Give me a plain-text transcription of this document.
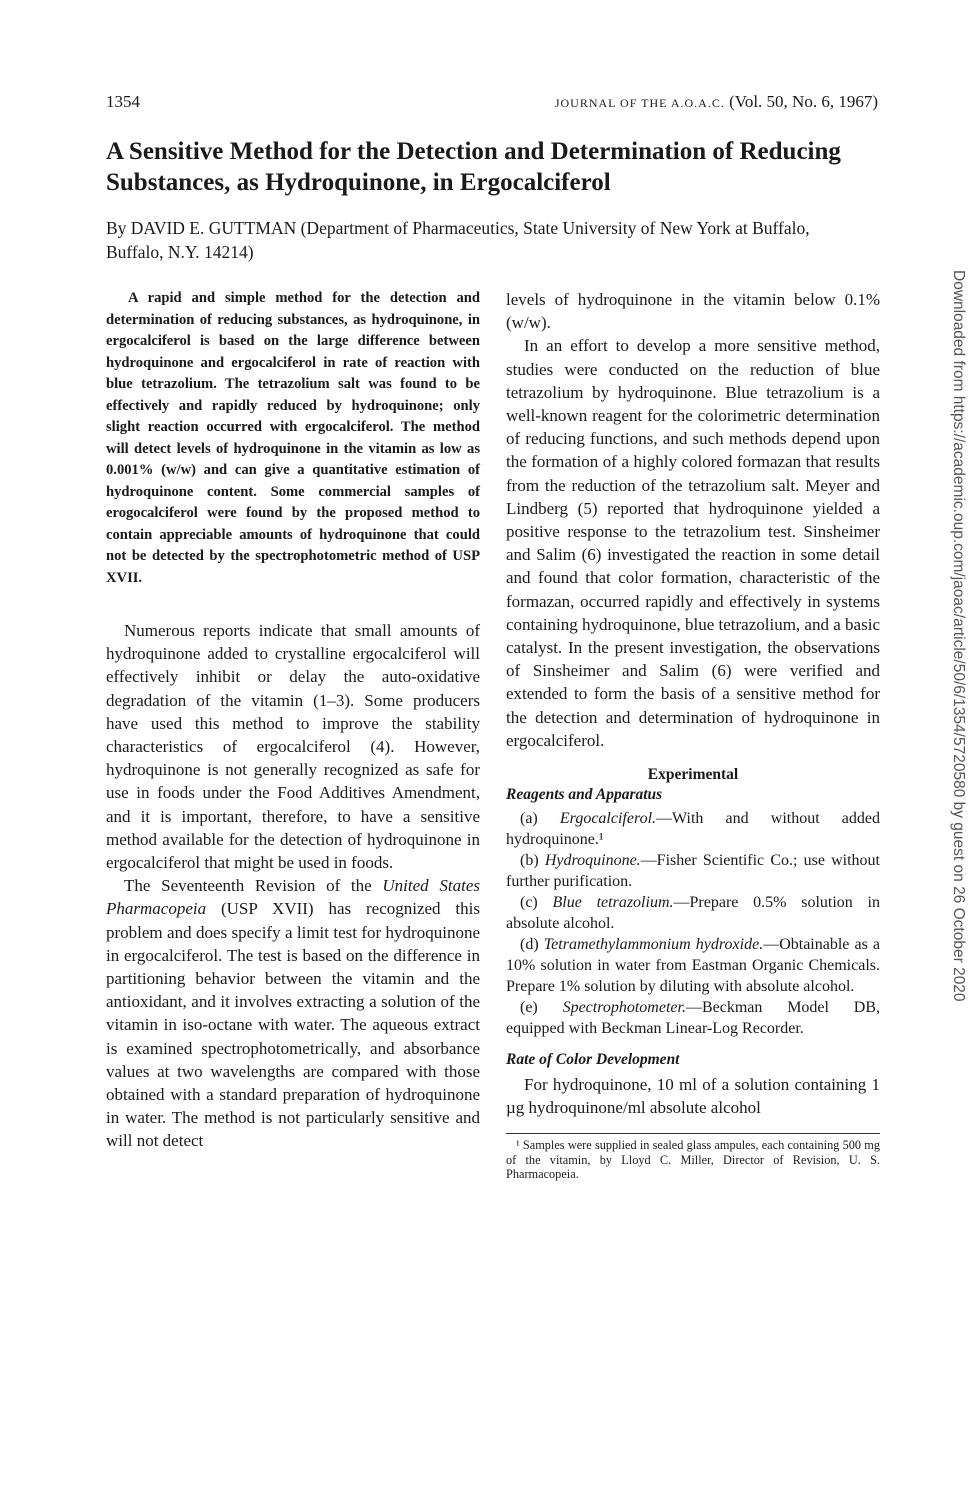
1354	JOURNAL OF THE A.O.A.C. (Vol. 50, No. 6, 1967)
A Sensitive Method for the Detection and Determination of Reducing Substances, as Hydroquinone, in Ergocalciferol
By DAVID E. GUTTMAN (Department of Pharmaceutics, State University of New York at Buffalo, Buffalo, N.Y. 14214)

A rapid and simple method for the detection and determination of reducing substances, as hydroquinone, in ergocalciferol is based on the large difference between hydroquinone and ergocalciferol in rate of reaction with blue tetrazolium. The tetrazolium salt was found to be effectively and rapidly reduced by hydroquinone; only slight reaction occurred with ergocalciferol. The method will detect levels of hydroquinone in the vitamin as low as 0.001% (w/w) and can give a quantitative estimation of hydroquinone content. Some commercial samples of erogocalciferol were found by the proposed method to contain appreciable amounts of hydroquinone that could not be detected by the spectrophotometric method of USP XVII.

Numerous reports indicate that small amounts of hydroquinone added to crystalline ergocalciferol will effectively inhibit or delay the auto-oxidative degradation of the vitamin (1–3). Some producers have used this method to improve the stability characteristics of ergocalciferol (4). However, hydroquinone is not generally recognized as safe for use in foods under the Food Additives Amendment, and it is important, therefore, to have a sensitive method available for the detection of hydroquinone in ergocalciferol that might be used in foods.

The Seventeenth Revision of the United States Pharmacopeia (USP XVII) has recognized this problem and does specify a limit test for hydroquinone in ergocalciferol. The test is based on the difference in partitioning behavior between the vitamin and the antioxidant, and it involves extracting a solution of the vitamin in iso-octane with water. The aqueous extract is examined spectrophotometrically, and absorbance values at two wavelengths are compared with those obtained with a standard preparation of hydroquinone in water. The method is not particularly sensitive and will not detect

levels of hydroquinone in the vitamin below 0.1% (w/w).

In an effort to develop a more sensitive method, studies were conducted on the reduction of blue tetrazolium by hydroquinone. Blue tetrazolium is a well-known reagent for the colorimetric determination of reducing functions, and such methods depend upon the formation of a highly colored formazan that results from the reduction of the tetrazolium salt. Meyer and Lindberg (5) reported that hydroquinone yielded a positive response to the tetrazolium test. Sinsheimer and Salim (6) investigated the reaction in some detail and found that color formation, characteristic of the formazan, occurred rapidly and effectively in systems containing hydroquinone, blue tetrazolium, and a basic catalyst. In the present investigation, the observations of Sinsheimer and Salim (6) were verified and extended to form the basis of a sensitive method for the detection and determination of hydroquinone in ergocalciferol.

Experimental
Reagents and Apparatus

(a) Ergocalciferol.—With and without added hydroquinone.¹

(b) Hydroquinone.—Fisher Scientific Co.; use without further purification.

(c) Blue tetrazolium.—Prepare 0.5% solution in absolute alcohol.

(d) Tetramethylammonium hydroxide.—Obtainable as a 10% solution in water from Eastman Organic Chemicals. Prepare 1% solution by diluting with absolute alcohol.

(e) Spectrophotometer.—Beckman Model DB, equipped with Beckman Linear-Log Recorder.

Rate of Color Development

For hydroquinone, 10 ml of a solution containing 1 µg hydroquinone/ml absolute alcohol

¹ Samples were supplied in sealed glass ampules, each containing 500 mg of the vitamin, by Lloyd C. Miller, Director of Revision, U. S. Pharmacopeia.

Downloaded from https://academic.oup.com/jaoac/article/50/6/1354/5720580 by guest on 26 October 2020
